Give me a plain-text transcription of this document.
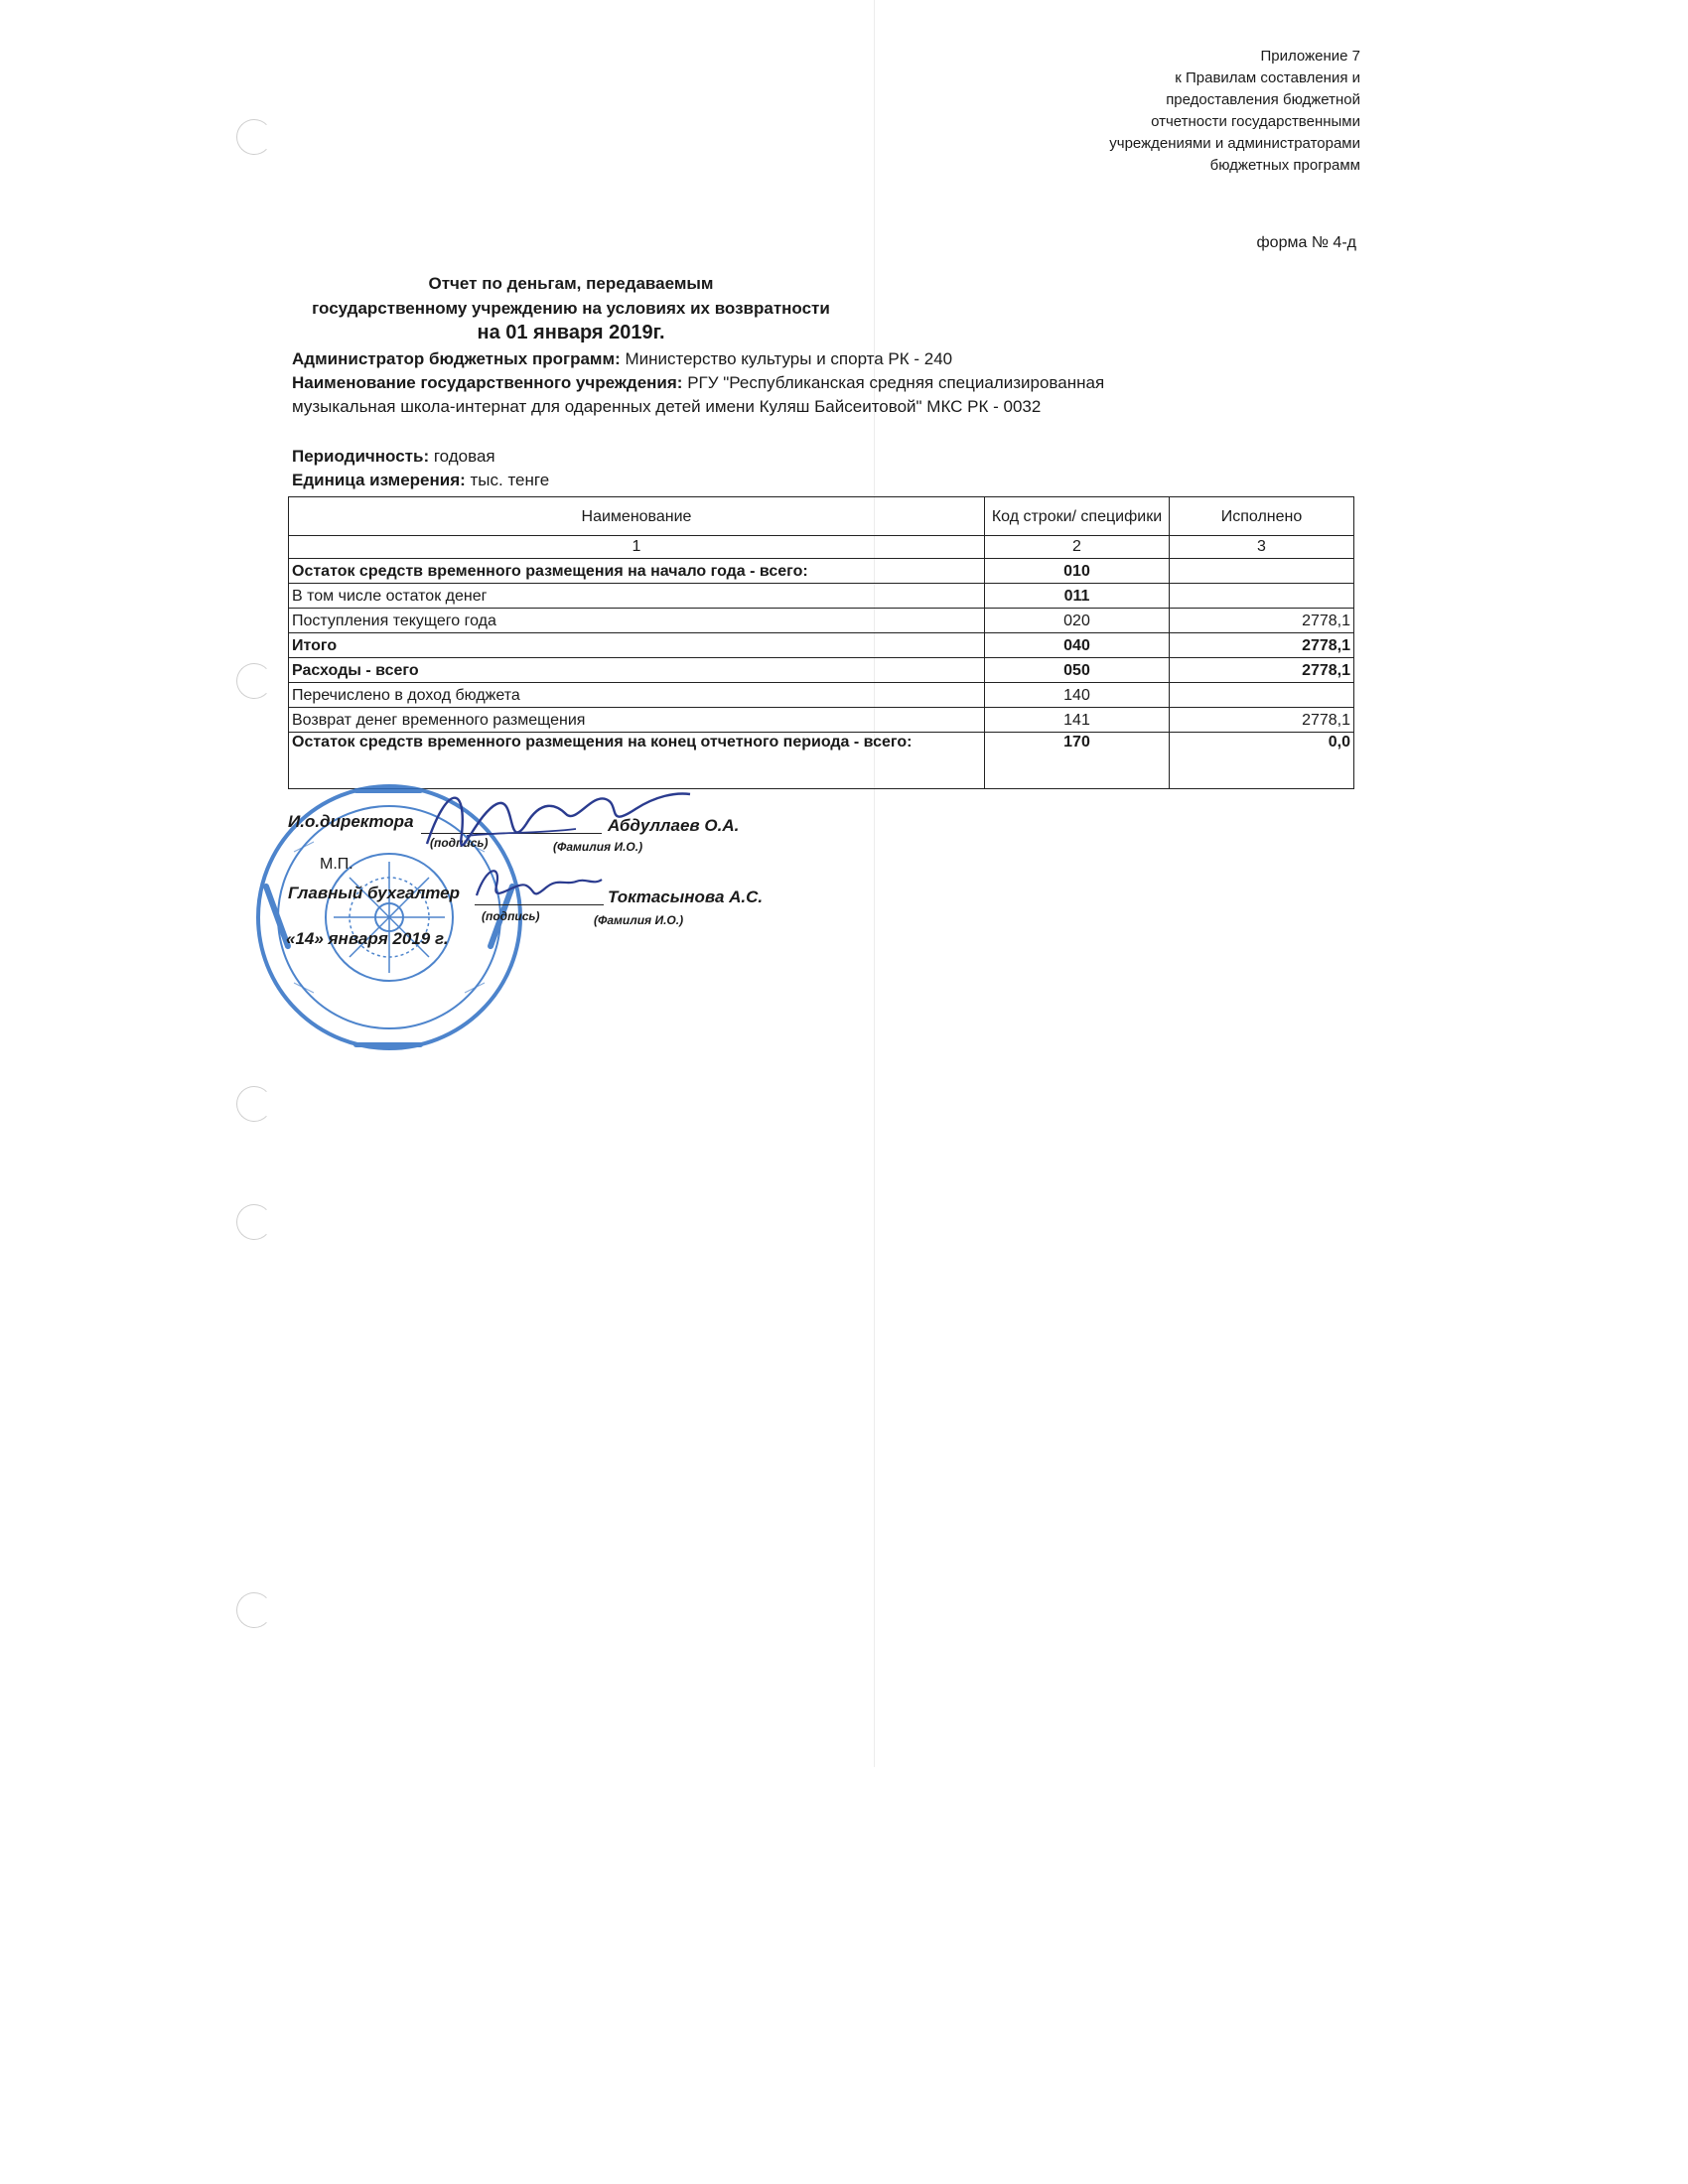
Приложение 7
к Правилам составления и
предоставления бюджетной
отчетности государственными
учреждениями и администраторами
бюджетных программ
форма № 4-д
Отчет по деньгам, передаваемым
государственному учреждению на условиях их возвратности
на 01 января 2019г.
Администратор бюджетных программ: Министерство культуры и спорта РК - 240
Наименование государственного учреждения: РГУ "Республиканская средняя специализированная
музыкальная школа-интернат для одаренных детей имени Куляш Байсеитовой" МКС РК - 0032
Периодичность: годовая
Единица измерения: тыс. тенге
Наименование	Код строки/ специфики	Исполнено
1	2	3
Остаток средств временного размещения на начало года - всего:	010	
В том числе остаток денег	011	
Поступления текущего года	020	2778,1
Итого	040	2778,1
Расходы - всего	050	2778,1
Перечислено в доход бюджета	140	
Возврат денег временного размещения	141	2778,1
Остаток средств временного размещения на конец отчетного периода - всего:	170	0,0
И.о.директора	Абдуллаев О.А.
(подпись)	(Фамилия И.О.)
М.П.
Главный бухгалтер	Токтасынова А.С.
(подпись)	(Фамилия И.О.)
«14» января 2019 г.
